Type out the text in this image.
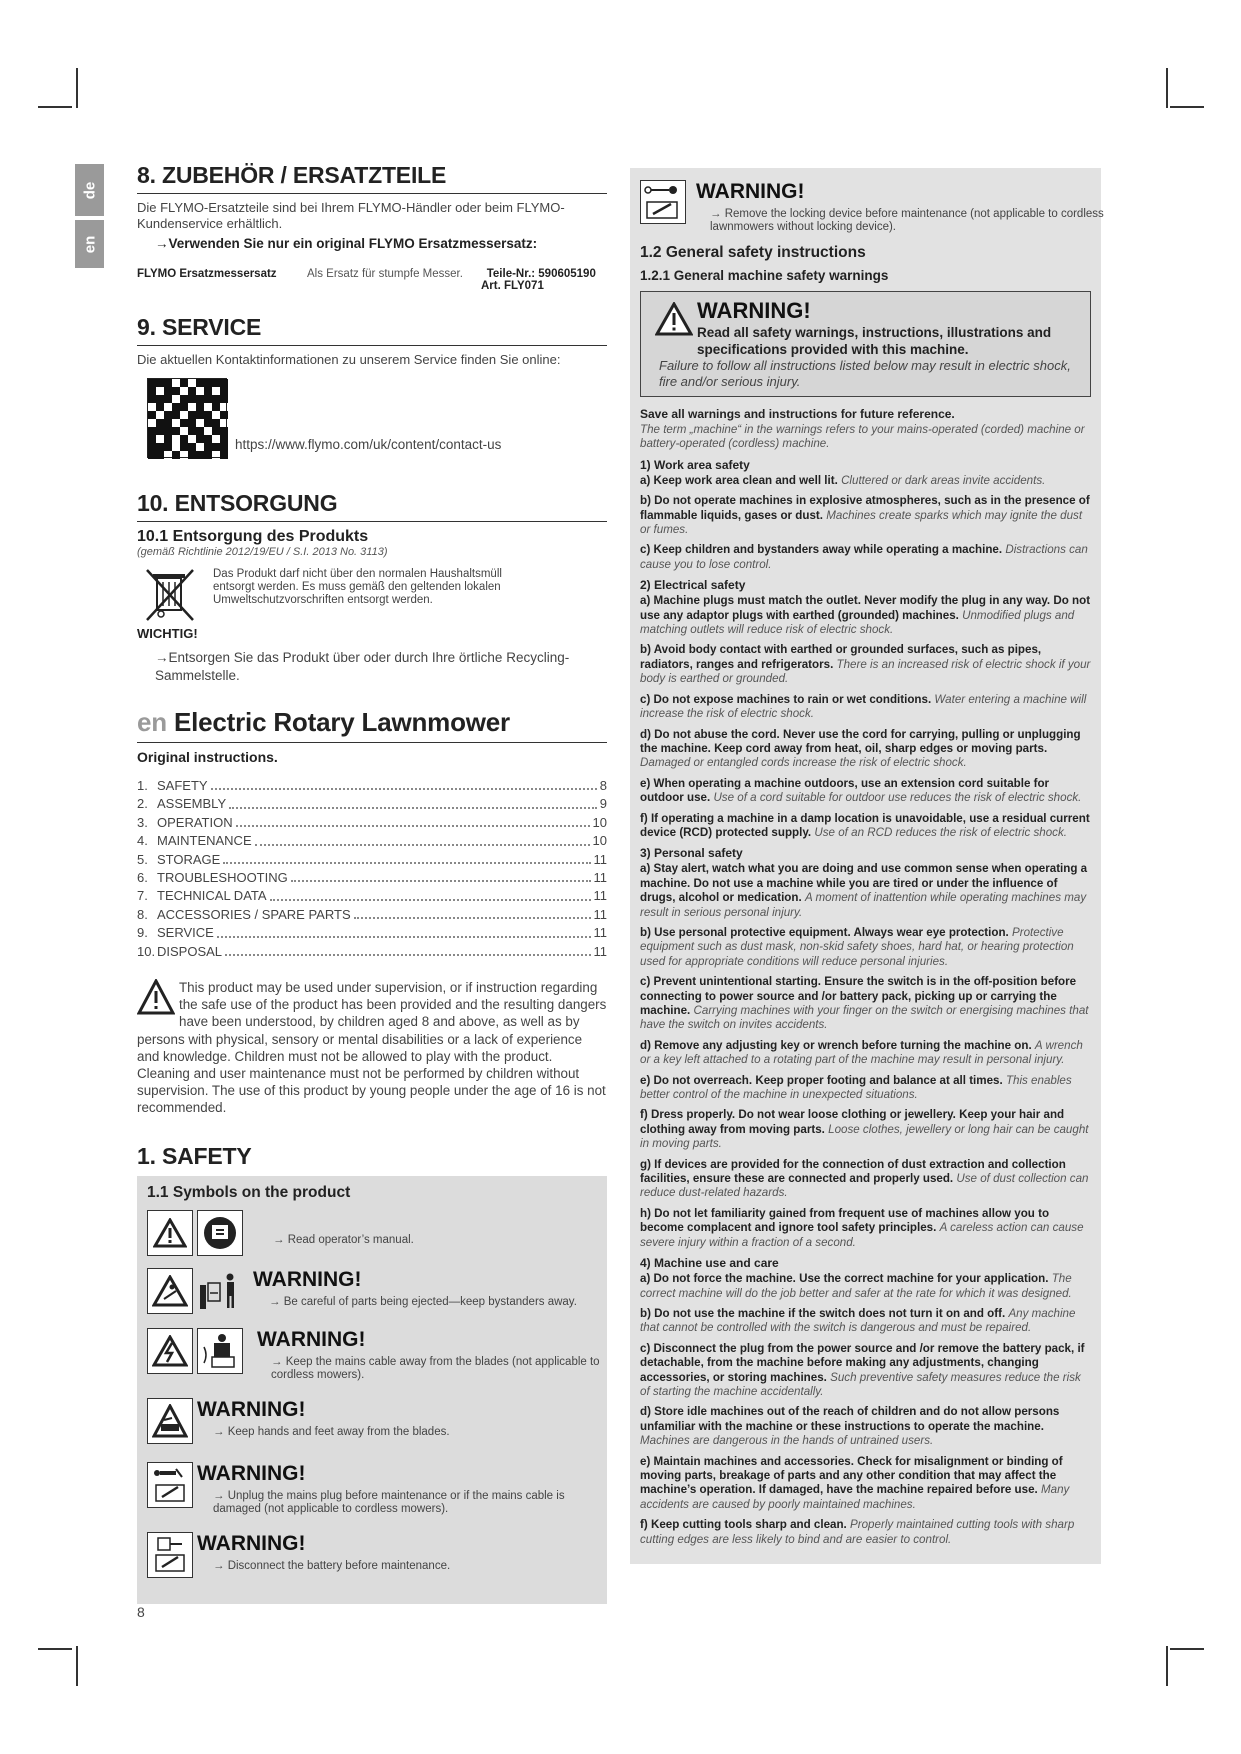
de
en
8. ZUBEHÖR / ERSATZTEILE

Die FLYMO-Ersatzteile sind bei Ihrem FLYMO-Händler oder beim FLYMO-Kundenservice erhältlich.

→Verwenden Sie nur ein original FLYMO Ersatzmessersatz:

FLYMO Ersatzmessersatz	Als Ersatz für stumpfe Messer.	Teile-Nr.: 590605190
Art. FLY071
9. SERVICE

Die aktuellen Kontaktinformationen zu unserem Service finden Sie online:

https://www.flymo.com/uk/content/contact-us
10. ENTSORGUNG
10.1 Entsorgung des Produkts
(gemäß Richtlinie 2012/19/EU / S.I. 2013 No. 3113)

Das Produkt darf nicht über den normalen Haushaltsmüll entsorgt werden. Es muss gemäß den geltenden lokalen Umweltschutzvorschriften entsorgt werden.

WICHTIG!

→Entsorgen Sie das Produkt über oder durch Ihre örtliche Recycling-Sammelstelle.

en Electric Rotary Lawnmower
Original instructions.
1. SAFETY	8
2. ASSEMBLY	9
3. OPERATION	10
4. MAINTENANCE	10
5. STORAGE	11
6. TROUBLESHOOTING	11
7. TECHNICAL DATA	11
8. ACCESSORIES / SPARE PARTS	11
9. SERVICE	11
10. DISPOSAL	11

This product may be used under supervision, or if instruction regarding the safe use of the product has been provided and the resulting dangers have been understood, by children aged 8 and above, as well as by persons with physical, sensory or mental disabilities or a lack of experience and knowledge. Children must not be allowed to play with the product. Cleaning and user maintenance must not be performed by children without supervision. The use of this product by young people under the age of 16 is not recommended.

1. SAFETY
1.1 Symbols on the product
→ Read operator’s manual.
WARNING!
→ Be careful of parts being ejected—keep bystanders away.
WARNING!
→ Keep the mains cable away from the blades (not applicable to cordless mowers).
WARNING!
→ Keep hands and feet away from the blades.
WARNING!
→ Unplug the mains plug before maintenance or if the mains cable is damaged (not applicable to cordless mowers).
WARNING!
→ Disconnect the battery before maintenance.
8
WARNING!
→ Remove the locking device before maintenance (not applicable to cordless lawnmowers without locking device).
1.2 General safety instructions
1.2.1 General machine safety warnings
WARNING!
Read all safety warnings, instructions, illustrations and specifications provided with this machine.
Failure to follow all instructions listed below may result in electric shock, fire and/or serious injury.
Save all warnings and instructions for future reference.
The term „machine“ in the warnings refers to your mains-operated (corded) machine or battery-operated (cordless) machine.
1) Work area safety
a) Keep work area clean and well lit. Cluttered or dark areas invite accidents.
b) Do not operate machines in explosive atmospheres, such as in the presence of flammable liquids, gases or dust. Machines create sparks which may ignite the dust or fumes.
c) Keep children and bystanders away while operating a machine. Distractions can cause you to lose control.
2) Electrical safety
a) Machine plugs must match the outlet. Never modify the plug in any way. Do not use any adaptor plugs with earthed (grounded) machines. Unmodified plugs and matching outlets will reduce risk of electric shock.
b) Avoid body contact with earthed or grounded surfaces, such as pipes, radiators, ranges and refrigerators. There is an increased risk of electric shock if your body is earthed or grounded.
c) Do not expose machines to rain or wet conditions. Water entering a machine will increase the risk of electric shock.
d) Do not abuse the cord. Never use the cord for carrying, pulling or unplugging the machine. Keep cord away from heat, oil, sharp edges or moving parts. Damaged or entangled cords increase the risk of electric shock.
e) When operating a machine outdoors, use an extension cord suitable for outdoor use. Use of a cord suitable for outdoor use reduces the risk of electric shock.
f) If operating a machine in a damp location is unavoidable, use a residual current device (RCD) protected supply. Use of an RCD reduces the risk of electric shock.
3) Personal safety
a) Stay alert, watch what you are doing and use common sense when operating a machine. Do not use a machine while you are tired or under the influence of drugs, alcohol or medication. A moment of inattention while operating machines may result in serious personal injury.
b) Use personal protective equipment. Always wear eye protection. Protective equipment such as dust mask, non-skid safety shoes, hard hat, or hearing protection used for appropriate conditions will reduce personal injuries.
c) Prevent unintentional starting. Ensure the switch is in the off-position before connecting to power source and /or battery pack, picking up or carrying the machine. Carrying machines with your finger on the switch or energising machines that have the switch on invites accidents.
d) Remove any adjusting key or wrench before turning the machine on. A wrench or a key left attached to a rotating part of the machine may result in personal injury.
e) Do not overreach. Keep proper footing and balance at all times. This enables better control of the machine in unexpected situations.
f) Dress properly. Do not wear loose clothing or jewellery. Keep your hair and clothing away from moving parts. Loose clothes, jewellery or long hair can be caught in moving parts.
g) If devices are provided for the connection of dust extraction and collection facilities, ensure these are connected and properly used. Use of dust collection can reduce dust-related hazards.
h) Do not let familiarity gained from frequent use of machines allow you to become complacent and ignore tool safety principles. A careless action can cause severe injury within a fraction of a second.
4) Machine use and care
a) Do not force the machine. Use the correct machine for your application. The correct machine will do the job better and safer at the rate for which it was designed.
b) Do not use the machine if the switch does not turn it on and off. Any machine that cannot be controlled with the switch is dangerous and must be repaired.
c) Disconnect the plug from the power source and /or remove the battery pack, if detachable, from the machine before making any adjustments, changing accessories, or storing machines. Such preventive safety measures reduce the risk of starting the machine accidentally.
d) Store idle machines out of the reach of children and do not allow persons unfamiliar with the machine or these instructions to operate the machine. Machines are dangerous in the hands of untrained users.
e) Maintain machines and accessories. Check for misalignment or binding of moving parts, breakage of parts and any other condition that may affect the machine’s operation. If damaged, have the machine repaired before use. Many accidents are caused by poorly maintained machines.
f) Keep cutting tools sharp and clean. Properly maintained cutting tools with sharp cutting edges are less likely to bind and are easier to control.
